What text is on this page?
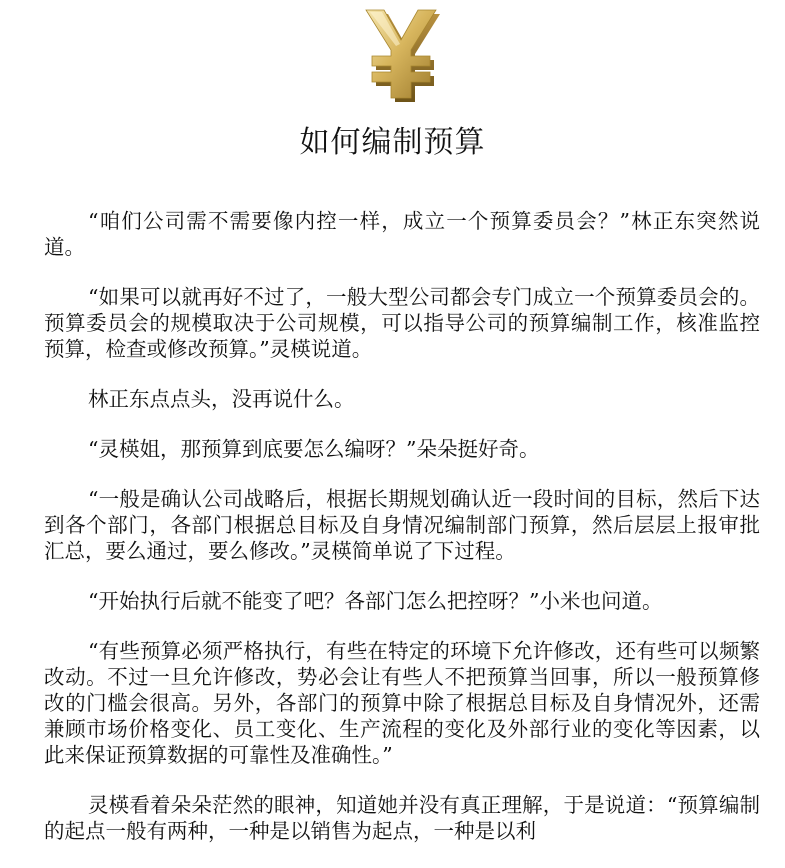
如何编制预算

“咱们公司需不需要像内控一样，成立一个预算委员会？”林正东突然说道。

“如果可以就再好不过了，一般大型公司都会专门成立一个预算委员会的。预算委员会的规模取决于公司规模，可以指导公司的预算编制工作，核准监控预算，检查或修改预算。”灵楧说道。

林正东点点头，没再说什么。

“灵楧姐，那预算到底要怎么编呀？”朵朵挺好奇。

“一般是确认公司战略后，根据长期规划确认近一段时间的目标，然后下达到各个部门，各部门根据总目标及自身情况编制部门预算，然后层层上报审批汇总，要么通过，要么修改。”灵楧简单说了下过程。

“开始执行后就不能变了吧？各部门怎么把控呀？”小米也问道。

“有些预算必须严格执行，有些在特定的环境下允许修改，还有些可以频繁改动。不过一旦允许修改，势必会让有些人不把预算当回事，所以一般预算修改的门槛会很高。另外，各部门的预算中除了根据总目标及自身情况外，还需兼顾市场价格变化、员工变化、生产流程的变化及外部行业的变化等因素，以此来保证预算数据的可靠性及准确性。”

灵楧看着朵朵茫然的眼神，知道她并没有真正理解，于是说道：“预算编制的起点一般有两种，一种是以销售为起点，一种是以利
